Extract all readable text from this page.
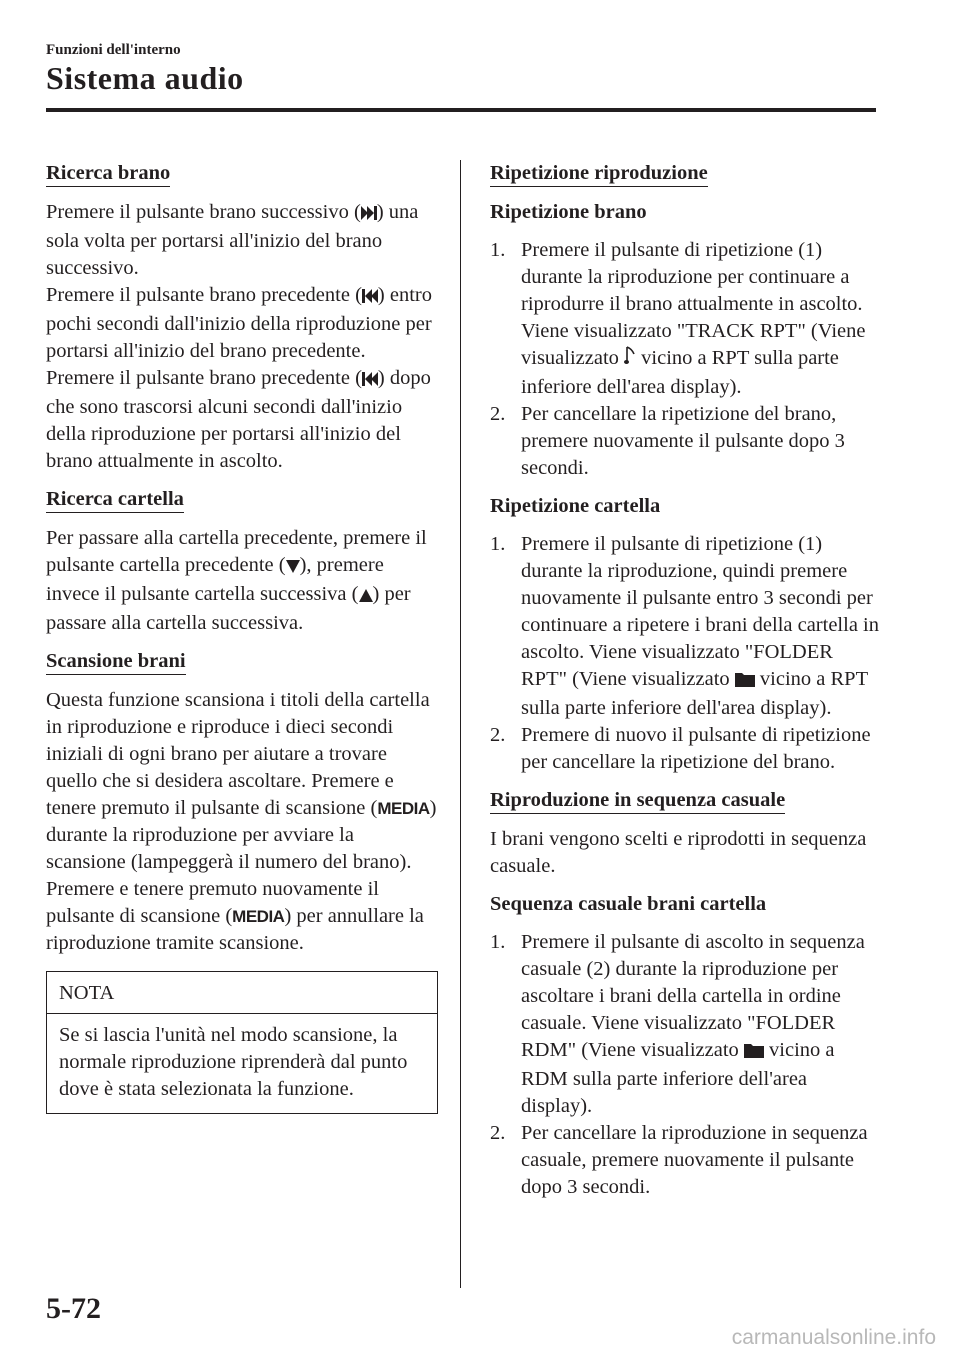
Funzioni dell'interno
Sistema audio
Ricerca brano

Premere il pulsante brano successivo ( ) una sola volta per portarsi all'inizio del brano successivo.
Premere il pulsante brano precedente ( ) entro pochi secondi dall'inizio della riproduzione per portarsi all'inizio del brano precedente.
Premere il pulsante brano precedente ( ) dopo che sono trascorsi alcuni secondi dall'inizio della riproduzione per portarsi all'inizio del brano attualmente in ascolto.

Ricerca cartella

Per passare alla cartella precedente, premere il pulsante cartella precedente ( ), premere invece il pulsante cartella successiva ( ) per passare alla cartella successiva.

Scansione brani

Questa funzione scansiona i titoli della cartella in riproduzione e riproduce i dieci secondi iniziali di ogni brano per aiutare a trovare quello che si desidera ascoltare. Premere e tenere premuto il pulsante di scansione (MEDIA) durante la riproduzione per avviare la scansione (lampeggerà il numero del brano). Premere e tenere premuto nuovamente il pulsante di scansione (MEDIA) per annullare la riproduzione tramite scansione.

NOTA
Se si lascia l'unità nel modo scansione, la normale riproduzione riprenderà dal punto dove è stata selezionata la funzione.
Ripetizione riproduzione
Ripetizione brano
1. Premere il pulsante di ripetizione (1) durante la riproduzione per continuare a riprodurre il brano attualmente in ascolto. Viene visualizzato "TRACK RPT" (Viene visualizzato  vicino a RPT sulla parte inferiore dell'area display).
2. Per cancellare la ripetizione del brano, premere nuovamente il pulsante dopo 3 secondi.
Ripetizione cartella
1. Premere il pulsante di ripetizione (1) durante la riproduzione, quindi premere nuovamente il pulsante entro 3 secondi per continuare a ripetere i brani della cartella in ascolto. Viene visualizzato "FOLDER RPT" (Viene visualizzato  vicino a RPT sulla parte inferiore dell'area display).
2. Premere di nuovo il pulsante di ripetizione per cancellare la ripetizione del brano.
Riproduzione in sequenza casuale

I brani vengono scelti e riprodotti in sequenza casuale.

Sequenza casuale brani cartella
1. Premere il pulsante di ascolto in sequenza casuale (2) durante la riproduzione per ascoltare i brani della cartella in ordine casuale. Viene visualizzato "FOLDER RDM" (Viene visualizzato  vicino a RDM sulla parte inferiore dell'area display).
2. Per cancellare la riproduzione in sequenza casuale, premere nuovamente il pulsante dopo 3 secondi.
5-72
carmanualsonline.info
